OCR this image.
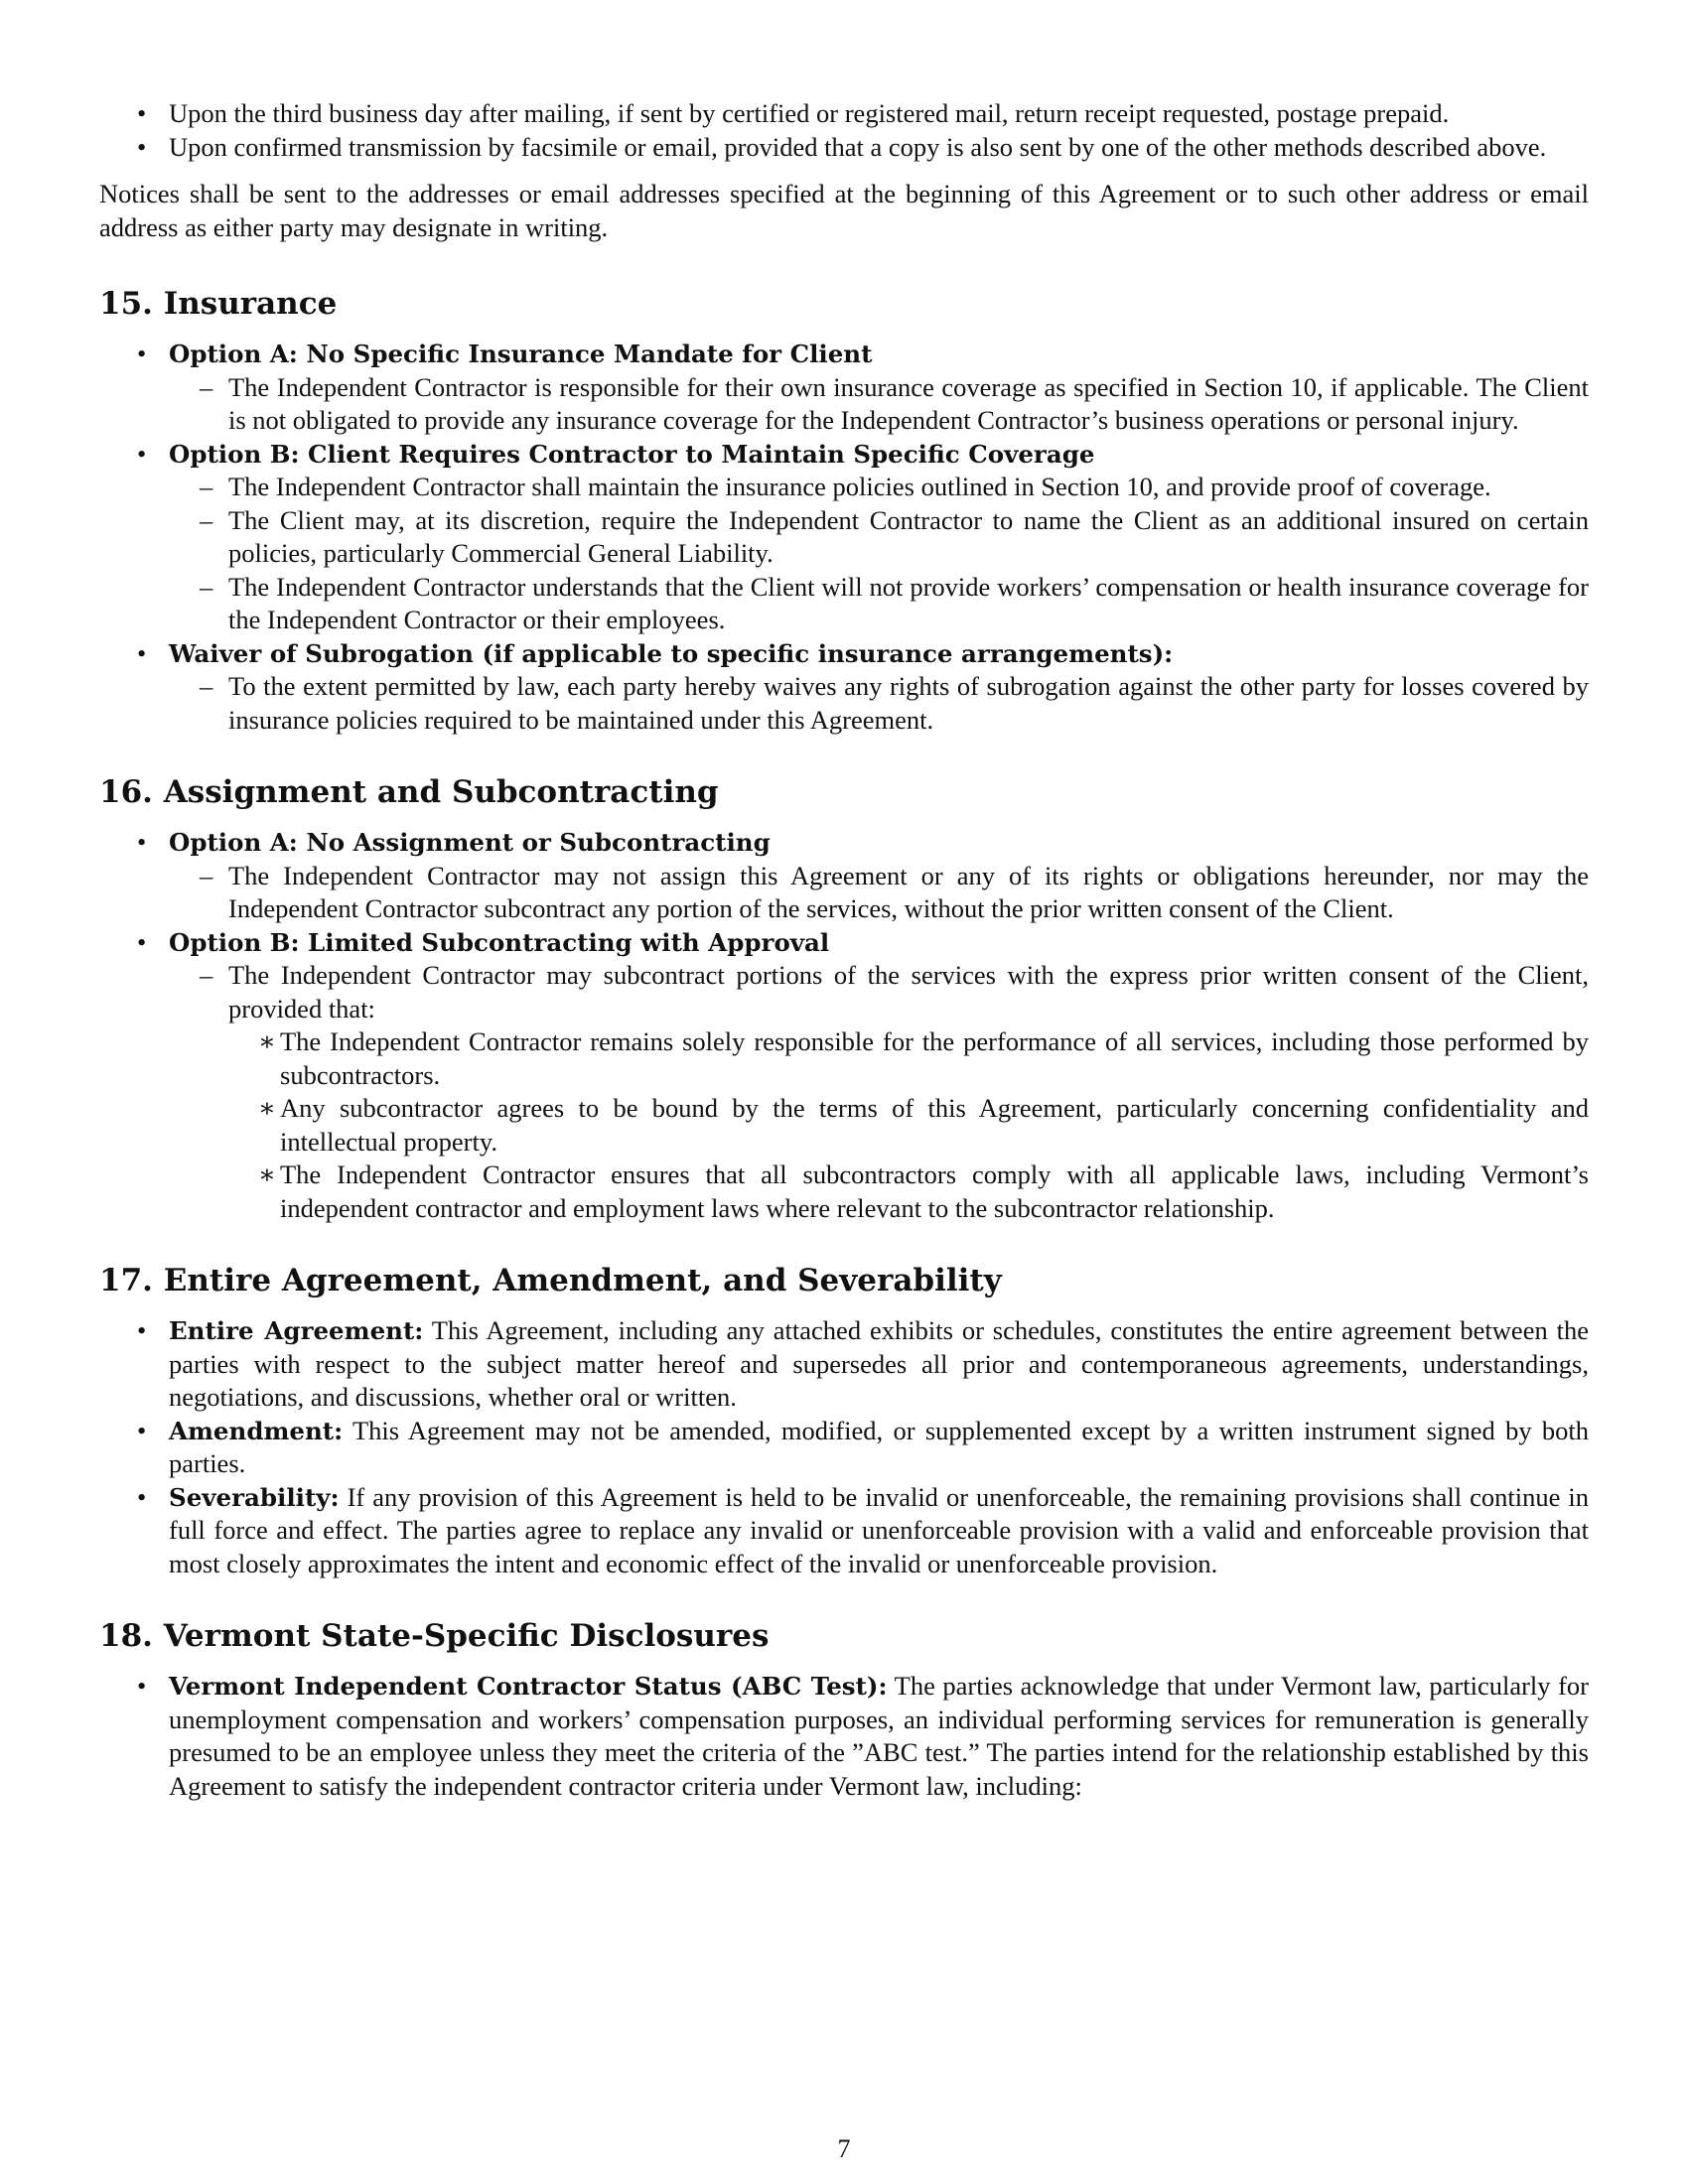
• Upon the third business day after mailing, if sent by certified or registered mail, return receipt requested, postage prepaid.
• Upon confirmed transmission by facsimile or email, provided that a copy is also sent by one of the other methods described above.
Notices shall be sent to the addresses or email addresses specified at the beginning of this Agreement or to such other address or email address as either party may designate in writing.
15. Insurance
• Option A: No Specific Insurance Mandate for Client
– The Independent Contractor is responsible for their own insurance coverage as specified in Section 10, if applicable. The Client is not obligated to provide any insurance coverage for the Independent Contractor’s business operations or personal injury.
• Option B: Client Requires Contractor to Maintain Specific Coverage
– The Independent Contractor shall maintain the insurance policies outlined in Section 10, and provide proof of coverage.
– The Client may, at its discretion, require the Independent Contractor to name the Client as an additional insured on certain policies, particularly Commercial General Liability.
– The Independent Contractor understands that the Client will not provide workers’ compensation or health insurance coverage for the Independent Contractor or their employees.
• Waiver of Subrogation (if applicable to specific insurance arrangements):
– To the extent permitted by law, each party hereby waives any rights of subrogation against the other party for losses covered by insurance policies required to be maintained under this Agreement.
16. Assignment and Subcontracting
• Option A: No Assignment or Subcontracting
– The Independent Contractor may not assign this Agreement or any of its rights or obligations hereunder, nor may the Independent Contractor subcontract any portion of the services, without the prior written consent of the Client.
• Option B: Limited Subcontracting with Approval
– The Independent Contractor may subcontract portions of the services with the express prior written consent of the Client, provided that:
∗ The Independent Contractor remains solely responsible for the performance of all services, including those performed by subcontractors.
∗ Any subcontractor agrees to be bound by the terms of this Agreement, particularly concerning confidentiality and intellectual property.
∗ The Independent Contractor ensures that all subcontractors comply with all applicable laws, including Vermont’s independent contractor and employment laws where relevant to the subcontractor relationship.
17. Entire Agreement, Amendment, and Severability
• Entire Agreement: This Agreement, including any attached exhibits or schedules, constitutes the entire agreement between the parties with respect to the subject matter hereof and supersedes all prior and contemporaneous agreements, understandings, negotiations, and discussions, whether oral or written.
• Amendment: This Agreement may not be amended, modified, or supplemented except by a written instrument signed by both parties.
• Severability: If any provision of this Agreement is held to be invalid or unenforceable, the remaining provisions shall continue in full force and effect. The parties agree to replace any invalid or unenforceable provision with a valid and enforceable provision that most closely approximates the intent and economic effect of the invalid or unenforceable provision.
18. Vermont State-Specific Disclosures
• Vermont Independent Contractor Status (ABC Test): The parties acknowledge that under Vermont law, particularly for unemployment compensation and workers’ compensation purposes, an individual performing services for remuneration is generally presumed to be an employee unless they meet the criteria of the ”ABC test.” The parties intend for the relationship established by this Agreement to satisfy the independent contractor criteria under Vermont law, including:
7
